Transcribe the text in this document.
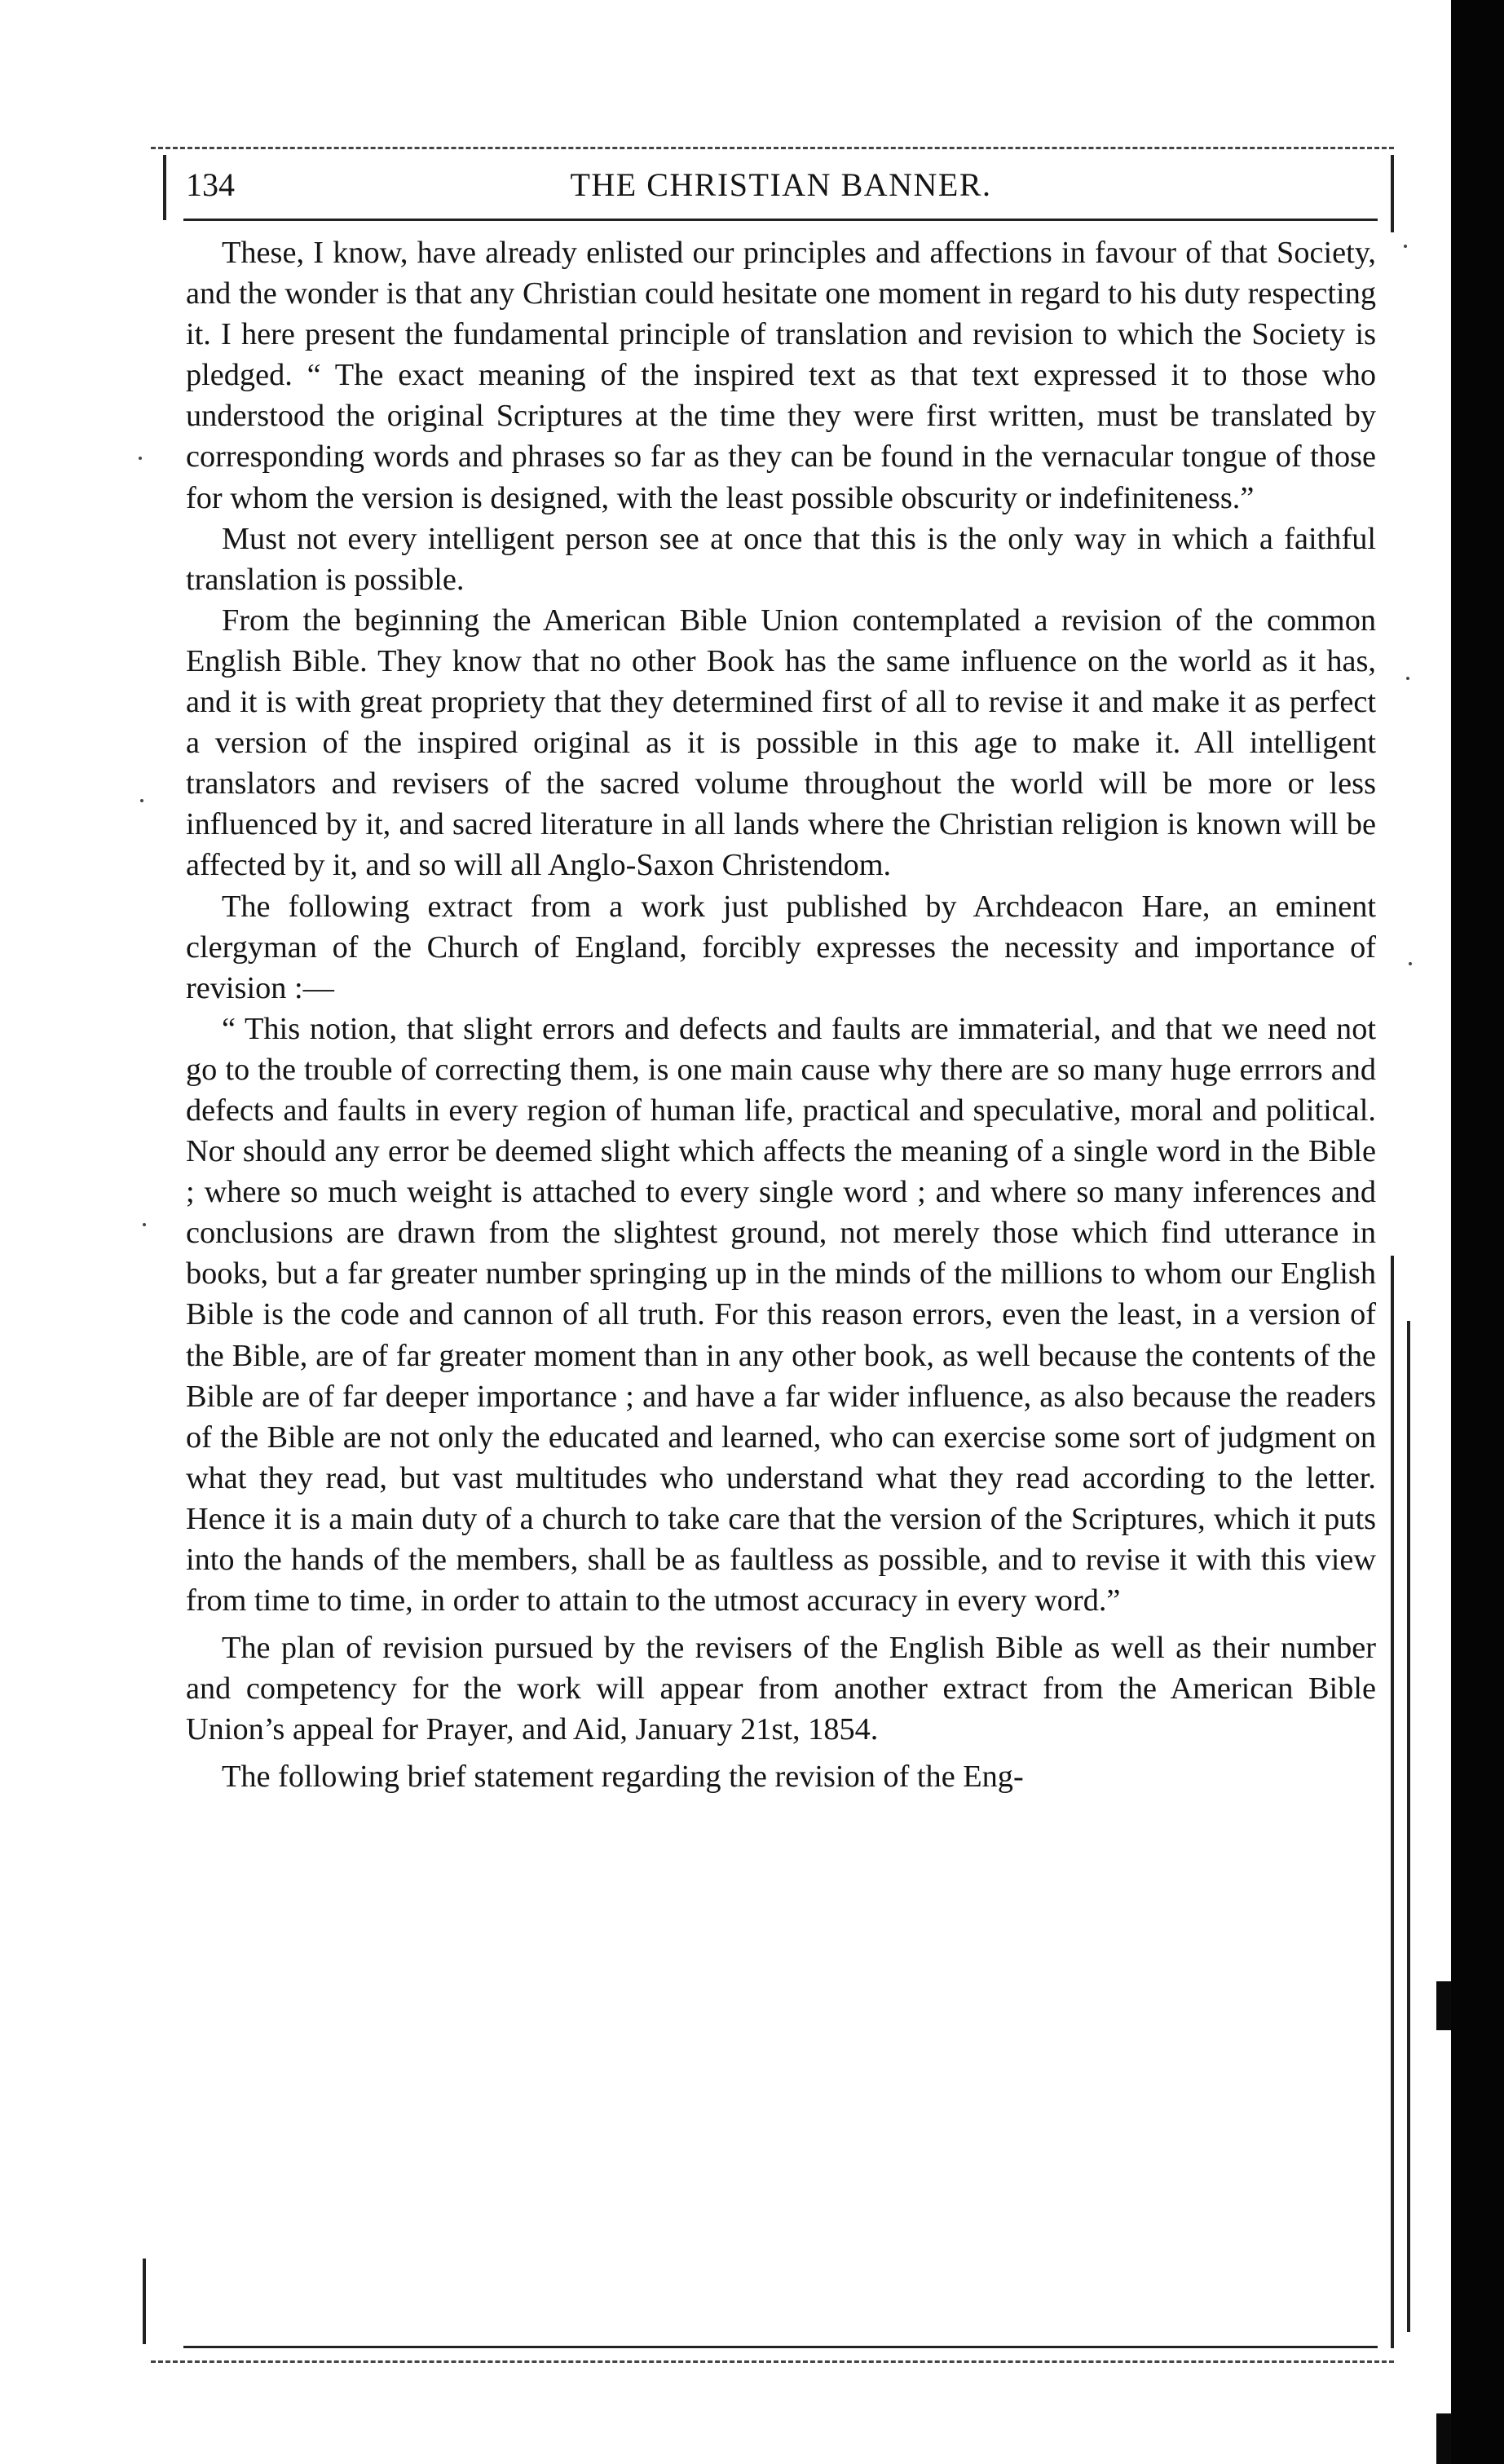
134	THE CHRISTIAN BANNER.

These, I know, have already enlisted our principles and affections in favour of that Society, and the wonder is that any Christian could hesitate one moment in regard to his duty respecting it. I here present the fundamental principle of translation and revision to which the Society is pledged. “ The exact meaning of the inspired text as that text expressed it to those who understood the original Scriptures at the time they were first written, must be translated by corresponding words and phrases so far as they can be found in the vernacular tongue of those for whom the version is designed, with the least possible obscurity or indefiniteness.”

Must not every intelligent person see at once that this is the only way in which a faithful translation is possible.

From the beginning the American Bible Union contemplated a revision of the common English Bible. They know that no other Book has the same influence on the world as it has, and it is with great propriety that they determined first of all to revise it and make it as perfect a version of the inspired original as it is possible in this age to make it. All intelligent translators and revisers of the sacred volume throughout the world will be more or less influenced by it, and sacred literature in all lands where the Christian religion is known will be affected by it, and so will all Anglo-Saxon Christendom.

The following extract from a work just published by Archdeacon Hare, an eminent clergyman of the Church of England, forcibly expresses the necessity and importance of revision :—

“ This notion, that slight errors and defects and faults are immaterial, and that we need not go to the trouble of correcting them, is one main cause why there are so many huge errrors and defects and faults in every region of human life, practical and speculative, moral and political. Nor should any error be deemed slight which affects the meaning of a single word in the Bible ; where so much weight is attached to every single word ; and where so many inferences and conclusions are drawn from the slightest ground, not merely those which find utterance in books, but a far greater number springing up in the minds of the millions to whom our English Bible is the code and cannon of all truth. For this reason errors, even the least, in a version of the Bible, are of far greater moment than in any other book, as well because the contents of the Bible are of far deeper importance ; and have a far wider influence, as also because the readers of the Bible are not only the educated and learned, who can exercise some sort of judgment on what they read, but vast multitudes who understand what they read according to the letter. Hence it is a main duty of a church to take care that the version of the Scriptures, which it puts into the hands of the members, shall be as faultless as possible, and to revise it with this view from time to time, in order to attain to the utmost accuracy in every word.”

The plan of revision pursued by the revisers of the English Bible as well as their number and competency for the work will appear from another extract from the American Bible Union’s appeal for Prayer, and Aid, January 21st, 1854.

The following brief statement regarding the revision of the Eng-
